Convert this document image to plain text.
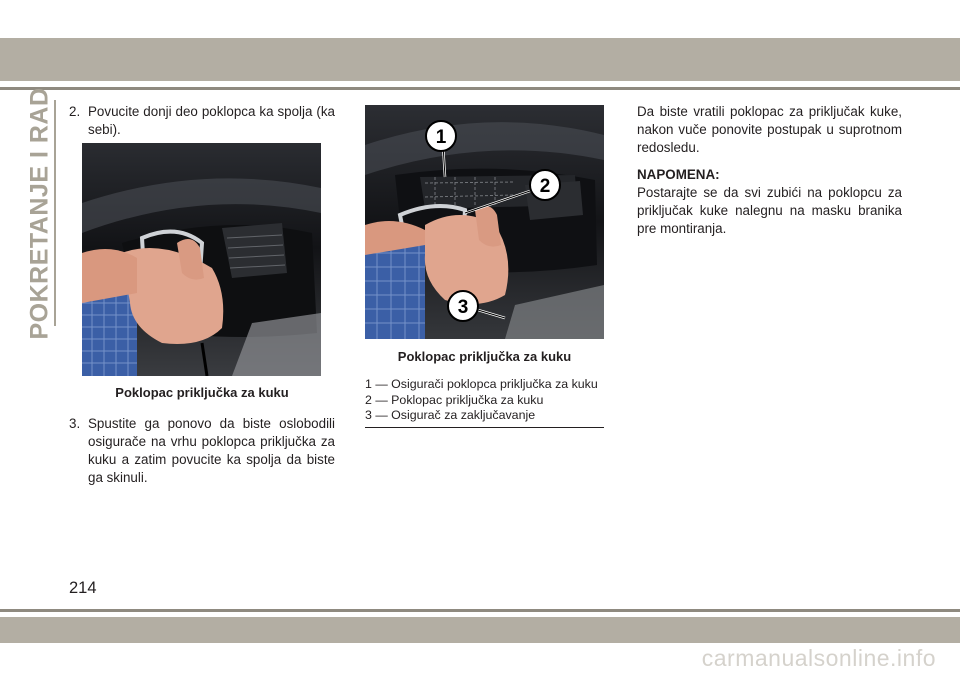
POKRETANJE I RAD 2. Povucite donji deo poklopca ka spolja (ka sebi).

Poklopac priključka za kuku

3. Spustite ga ponovo da biste oslobodili osigurače na vrhu poklopca priključka za kuku a zatim povucite ka spolja da biste ga skinuli.

1
2
3

Poklopac priključka za kuku

1 — Osigurači poklopca priključka za kuku

2 — Poklopac priključka za kuku

3 — Osigurač za zaključavanje

Da biste vratili poklopac za priključak kuke, nakon vuče ponovite postupak u suprotnom redosledu.

NAPOMENA:

Postarajte se da svi zubići na poklopcu za priključak kuke nalegnu na masku branika pre montiranja.

214
carmanualsonline.info
